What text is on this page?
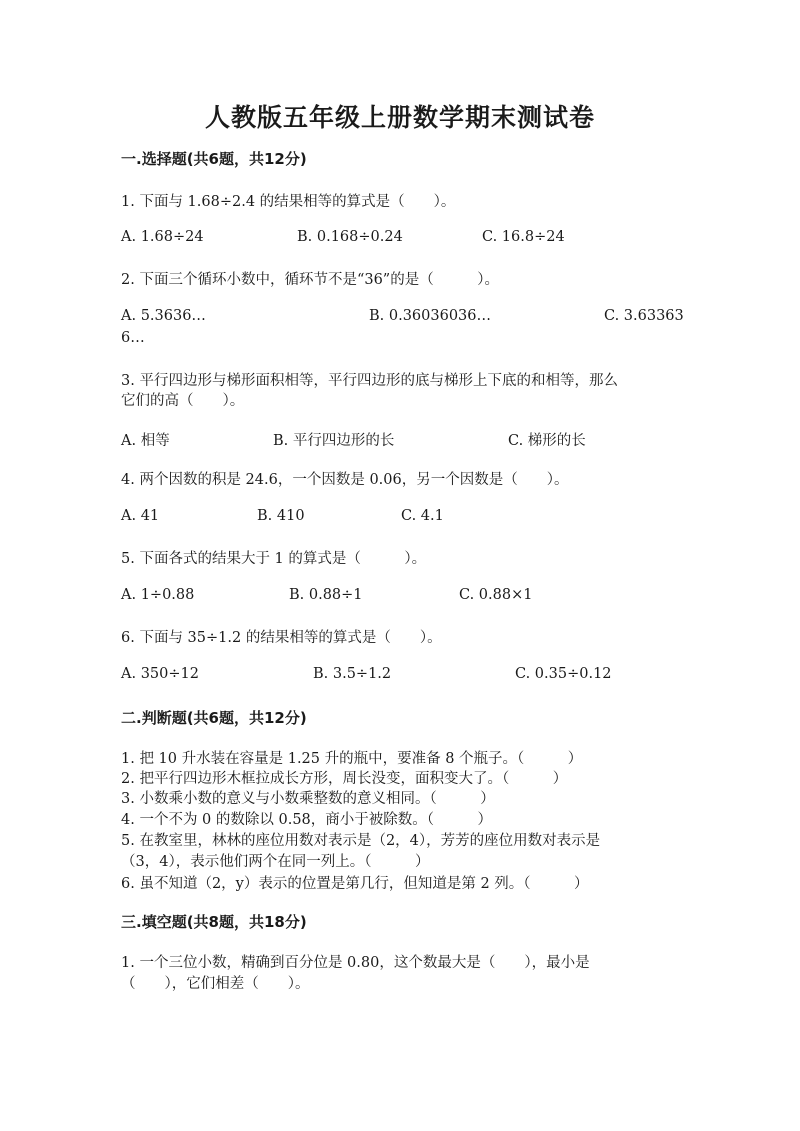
人教版五年级上册数学期末测试卷
一.选择题(共6题，共12分)
1. 下面与 1.68÷2.4 的结果相等的算式是（　　）。
A. 1.68÷24	B. 0.168÷0.24	C. 16.8÷24
2. 下面三个循环小数中，循环节不是“36”的是（　　　）。
A. 5.3636…	B. 0.36036036…	C. 3.63363
6…
3. 平行四边形与梯形面积相等，平行四边形的底与梯形上下底的和相等，那么
它们的高（　　）。
A. 相等	B. 平行四边形的长	C. 梯形的长
4. 两个因数的积是 24.6，一个因数是 0.06，另一个因数是（　　）。
A. 41	B. 410	C. 4.1
5. 下面各式的结果大于 1 的算式是（　　　）。
A. 1÷0.88	B. 0.88÷1	C. 0.88×1
6. 下面与 35÷1.2 的结果相等的算式是（　　）。
A. 350÷12	B. 3.5÷1.2	C. 0.35÷0.12
二.判断题(共6题，共12分)
1. 把 10 升水装在容量是 1.25 升的瓶中，要准备 8 个瓶子。（　　　）
2. 把平行四边形木框拉成长方形，周长没变，面积变大了。（　　　）
3. 小数乘小数的意义与小数乘整数的意义相同。（　　　）
4. 一个不为 0 的数除以 0.58，商小于被除数。（　　　）
5. 在教室里，林林的座位用数对表示是（2，4），芳芳的座位用数对表示是
（3，4），表示他们两个在同一列上。（　　　）
6. 虽不知道（2，y）表示的位置是第几行，但知道是第 2 列。（　　　）
三.填空题(共8题，共18分)
1. 一个三位小数，精确到百分位是 0.80，这个数最大是（　　），最小是
（　　），它们相差（　　）。
